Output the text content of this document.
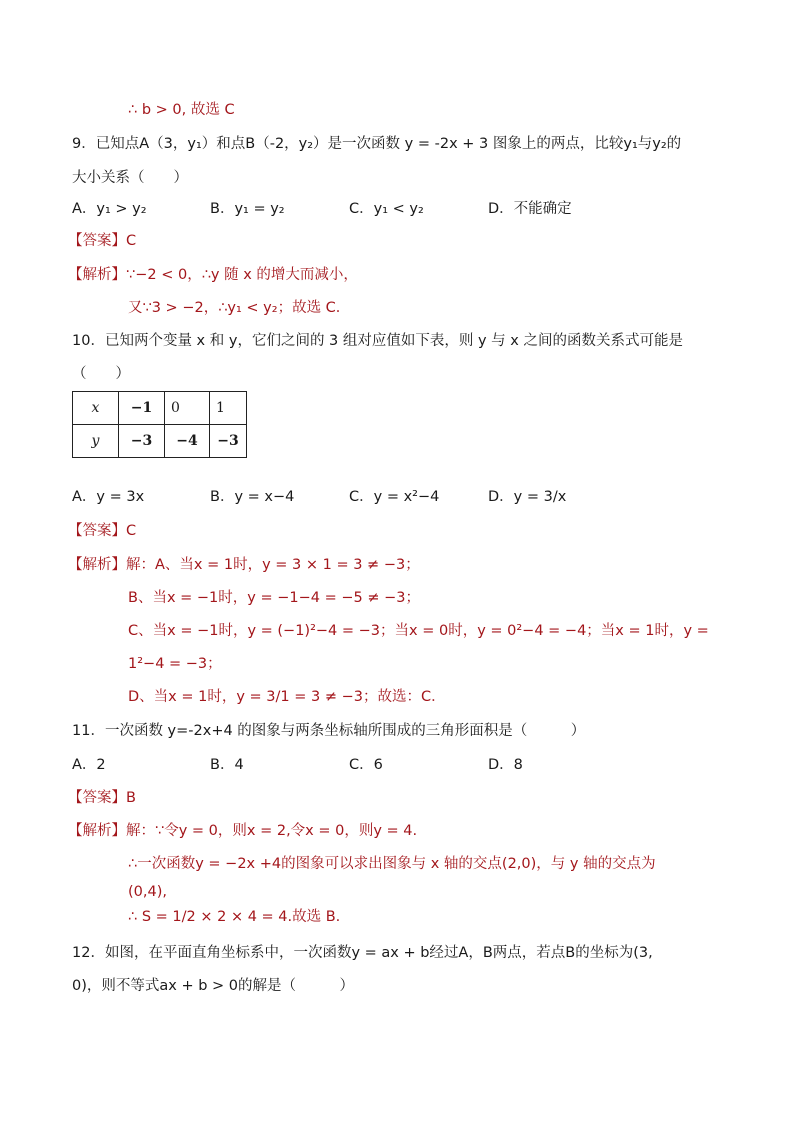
∴ b > 0, 故选 C
9．已知点A（3，y₁）和点B（-2，y₂）是一次函数 y = -2x + 3 图象上的两点，比较y₁与y₂的
大小关系（　　）
A．y₁ > y₂	B．y₁ = y₂	C．y₁ < y₂	D．不能确定
【答案】C
【解析】∵−2 < 0，∴y 随 x 的增大而减小，
又∵3 > −2，∴y₁ < y₂；故选 C．
10．已知两个变量 x 和 y，它们之间的 3 组对应值如下表，则 y 与 x 之间的函数关系式可能是
（　　）
x	−1	0	1
y	−3	−4	−3
A．y = 3x	B．y = x−4	C．y = x²−4	D．y = 3/x
【答案】C
【解析】解：A、当x = 1时，y = 3 × 1 = 3 ≠ −3；
B、当x = −1时，y = −1−4 = −5 ≠ −3；
C、当x = −1时，y = (−1)²−4 = −3；当x = 0时，y = 0²−4 = −4；当x = 1时，y =
1²−4 = −3；
D、当x = 1时，y = 3/1 = 3 ≠ −3；故选：C．
11．一次函数 y=-2x+4 的图象与两条坐标轴所围成的三角形面积是（　　　）
A．2	B．4	C．6	D．8
【答案】B
【解析】解：∵令y = 0，则x = 2,令x = 0，则y = 4.
∴一次函数y = −2x +4的图象可以求出图象与 x 轴的交点(2,0)，与 y 轴的交点为
(0,4),
∴ S = 1/2 × 2 × 4 = 4.故选 B.
12．如图，在平面直角坐标系中，一次函数y = ax + b经过A，B两点，若点B的坐标为(3,
0)，则不等式ax + b > 0的解是（　　　）
